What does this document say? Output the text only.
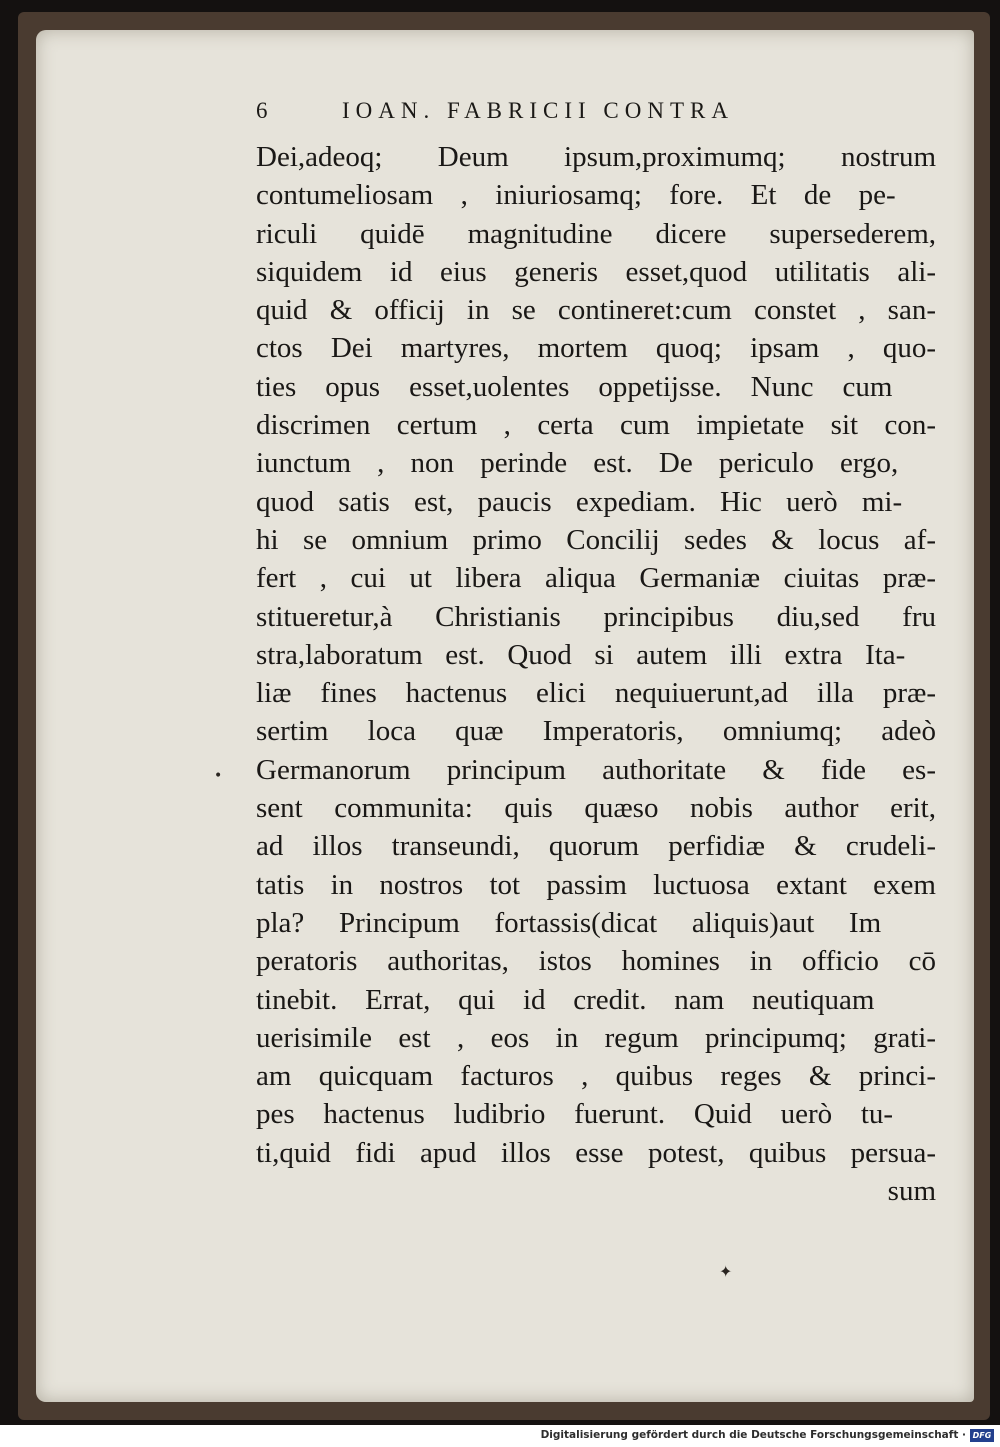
6	IOAN. FABRICII CONTRA
Dei,adeoq; Deum ipsum,proximumq; nostrum
contumeliosam , iniuriosamq; fore. Et de pe-
riculi quidē magnitudine dicere supersederem,
siquidem id eius generis esset,quod utilitatis ali-
quid & officij in se contineret:cum constet , san-
ctos Dei martyres, mortem quoq; ipsam , quo-
ties opus esset,uolentes oppetijsse. Nunc cum
discrimen certum , certa cum impietate sit con-
iunctum , non perinde est. De periculo ergo,
quod satis est, paucis expediam. Hic uerò mi-
hi se omnium primo Concilij sedes & locus af-
fert , cui ut libera aliqua Germaniæ ciuitas præ-
stitueretur,à Christianis principibus diu,sed fru
stra,laboratum est. Quod si autem illi extra Ita-
liæ fines hactenus elici nequiuerunt,ad illa præ-
sertim loca quæ Imperatoris, omniumq; adeò
Germanorum principum authoritate & fide es-
sent communita: quis quæso nobis author erit,
ad illos transeundi, quorum perfidiæ & crudeli-
tatis in nostros tot passim luctuosa extant exem
pla? Principum fortassis(dicat aliquis)aut Im
peratoris authoritas, istos homines in officio cō
tinebit. Errat, qui id credit. nam neutiquam
uerisimile est , eos in regum principumq; grati-
am quicquam facturos , quibus reges & princi-
pes hactenus ludibrio fuerunt. Quid uerò tu-
ti,quid fidi apud illos esse potest, quibus persua-
sum
•
✦
Digitalisierung gefördert durch die Deutsche Forschungsgemeinschaft · DFG
